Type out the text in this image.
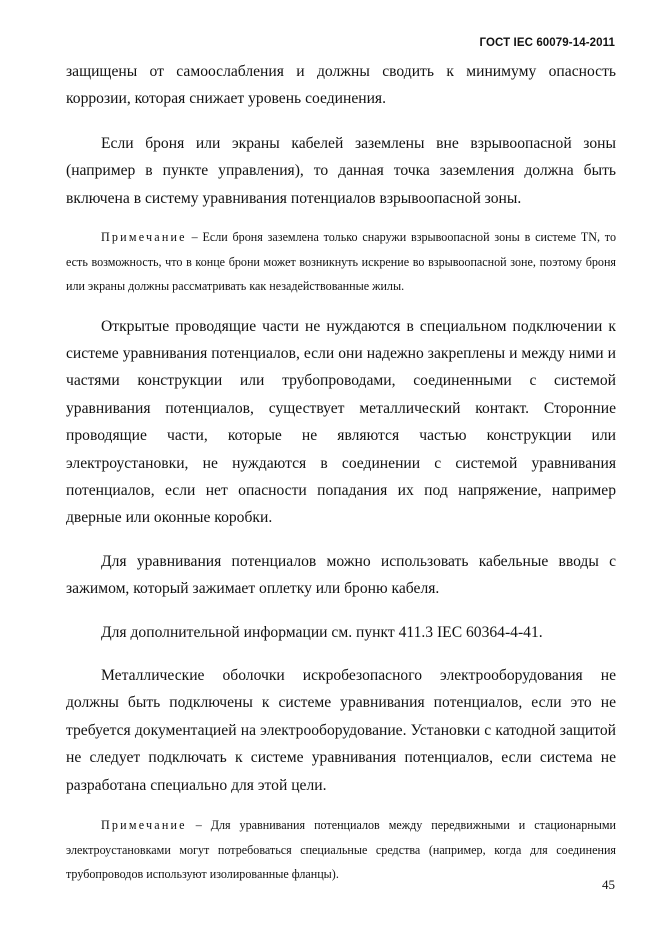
ГОСТ IEC 60079-14-2011

защищены от самоослабления и должны сводить к минимуму опасность коррозии, которая снижает уровень соединения.

Если броня или экраны кабелей заземлены вне взрывоопасной зоны (например в пункте управления), то данная точка заземления должна быть включена в систему уравнивания потенциалов взрывоопасной зоны.

Примечание – Если броня заземлена только снаружи взрывоопасной зоны в системе TN, то есть возможность, что в конце брони может возникнуть искрение во взрывоопасной зоне, поэтому броня или экраны должны рассматривать как незадействованные жилы.

Открытые проводящие части не нуждаются в специальном подключении к системе уравнивания потенциалов, если они надежно закреплены и между ними и частями конструкции или трубопроводами, соединенными с системой уравнивания потенциалов, существует металлический контакт. Сторонние проводящие части, которые не являются частью конструкции или электроустановки, не нуждаются в соединении с системой уравнивания потенциалов, если нет опасности попадания их под напряжение, например дверные или оконные коробки.

Для уравнивания потенциалов можно использовать кабельные вводы с зажимом, который зажимает оплетку или броню кабеля.

Для дополнительной информации см. пункт 411.3 IEC 60364-4-41.

Металлические оболочки искробезопасного электрооборудования не должны быть подключены к системе уравнивания потенциалов, если это не требуется документацией на электрооборудование. Установки с катодной защитой не следует подключать к системе уравнивания потенциалов, если система не разработана специально для этой цели.

Примечание – Для уравнивания потенциалов между передвижными и стационарными электроустановками могут потребоваться специальные средства (например, когда для соединения трубопроводов используют изолированные фланцы).

45
